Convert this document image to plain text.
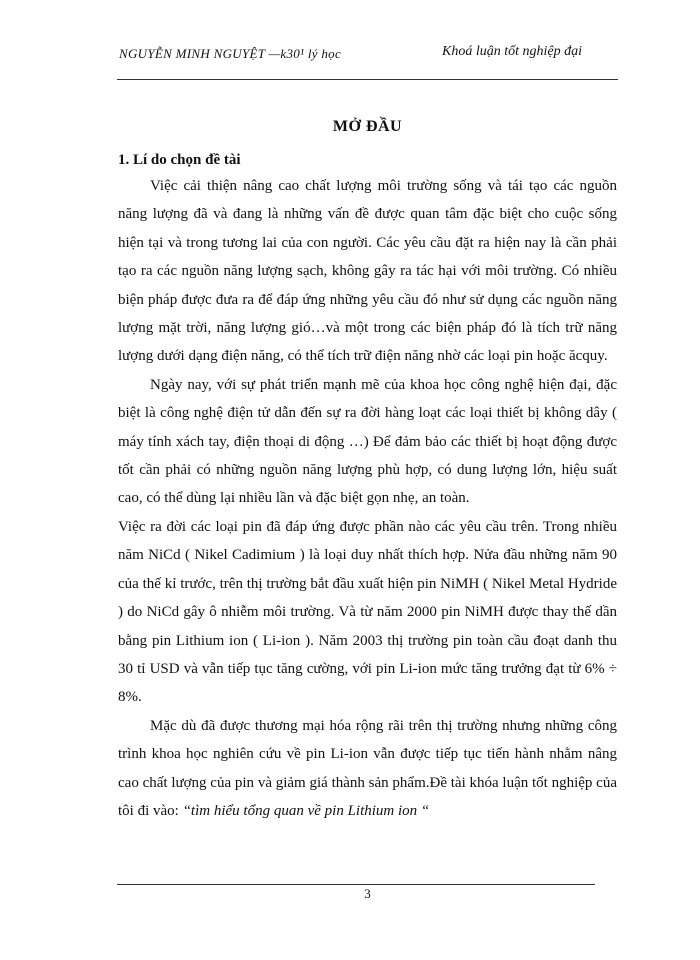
NGUYỄN MINH NGUYỆT —k30¹ lý học	Khoá luận tốt nghiệp đại
MỞ ĐẦU
1. Lí do chọn đề tài

Việc cải thiện nâng cao chất lượng môi trường sống và tái tạo các nguồn năng lượng đã và đang là những vấn đề được quan tâm đặc biệt cho cuộc sống hiện tại và trong tương lai của con người. Các yêu cầu đặt ra hiện nay là cần phải tạo ra các nguồn năng lượng sạch, không gây ra tác hại với môi trường. Có nhiều biện pháp được đưa ra để đáp ứng những yêu cầu đó như sử dụng các nguồn năng lượng mặt trời, năng lượng gió…và một trong các biện pháp đó là tích trữ năng lượng dưới dạng điện năng, có thể tích trữ điện năng nhờ các loại pin hoặc ăcquy.

Ngày nay, với sự phát triển mạnh mẽ của khoa học công nghệ hiện đại, đặc biệt là công nghệ điện tử dẫn đến sự ra đời hàng loạt các loại thiết bị không dây ( máy tính xách tay, điện thoại di động …) Để đảm bảo các thiết bị hoạt động được tốt cần phải có những nguồn năng lượng phù hợp, có dung lượng lớn, hiệu suất cao, có thể dùng lại nhiều lần và đặc biệt gọn nhẹ, an toàn.

Việc ra đời các loại pin đã đáp ứng được phần nào các yêu cầu trên. Trong nhiều năm NiCd ( Nikel Cadimium ) là loại duy nhất thích hợp. Nửa đầu những năm 90 của thế kỉ trước, trên thị trường bắt đầu xuất hiện pin NiMH ( Nikel Metal Hydride ) do NiCd gây ô nhiễm môi trường. Và từ năm 2000 pin NiMH được thay thế dần bằng pin Lithium ion ( Li-ion ). Năm 2003 thị trường pin toàn cầu đoạt danh thu 30 tỉ USD và vẫn tiếp tục tăng cường, với pin Li-ion mức tăng trưởng đạt từ 6% ÷ 8%.

Mặc dù đã được thương mại hóa rộng rãi trên thị trường nhưng những công trình khoa học nghiên cứu về pin Li-ion vẫn được tiếp tục tiến hành nhằm nâng cao chất lượng của pin và giảm giá thành sản phẩm.Đề tài khóa luận tốt nghiệp của tôi đi vào: “tìm hiểu tổng quan về pin Lithium ion “

3
